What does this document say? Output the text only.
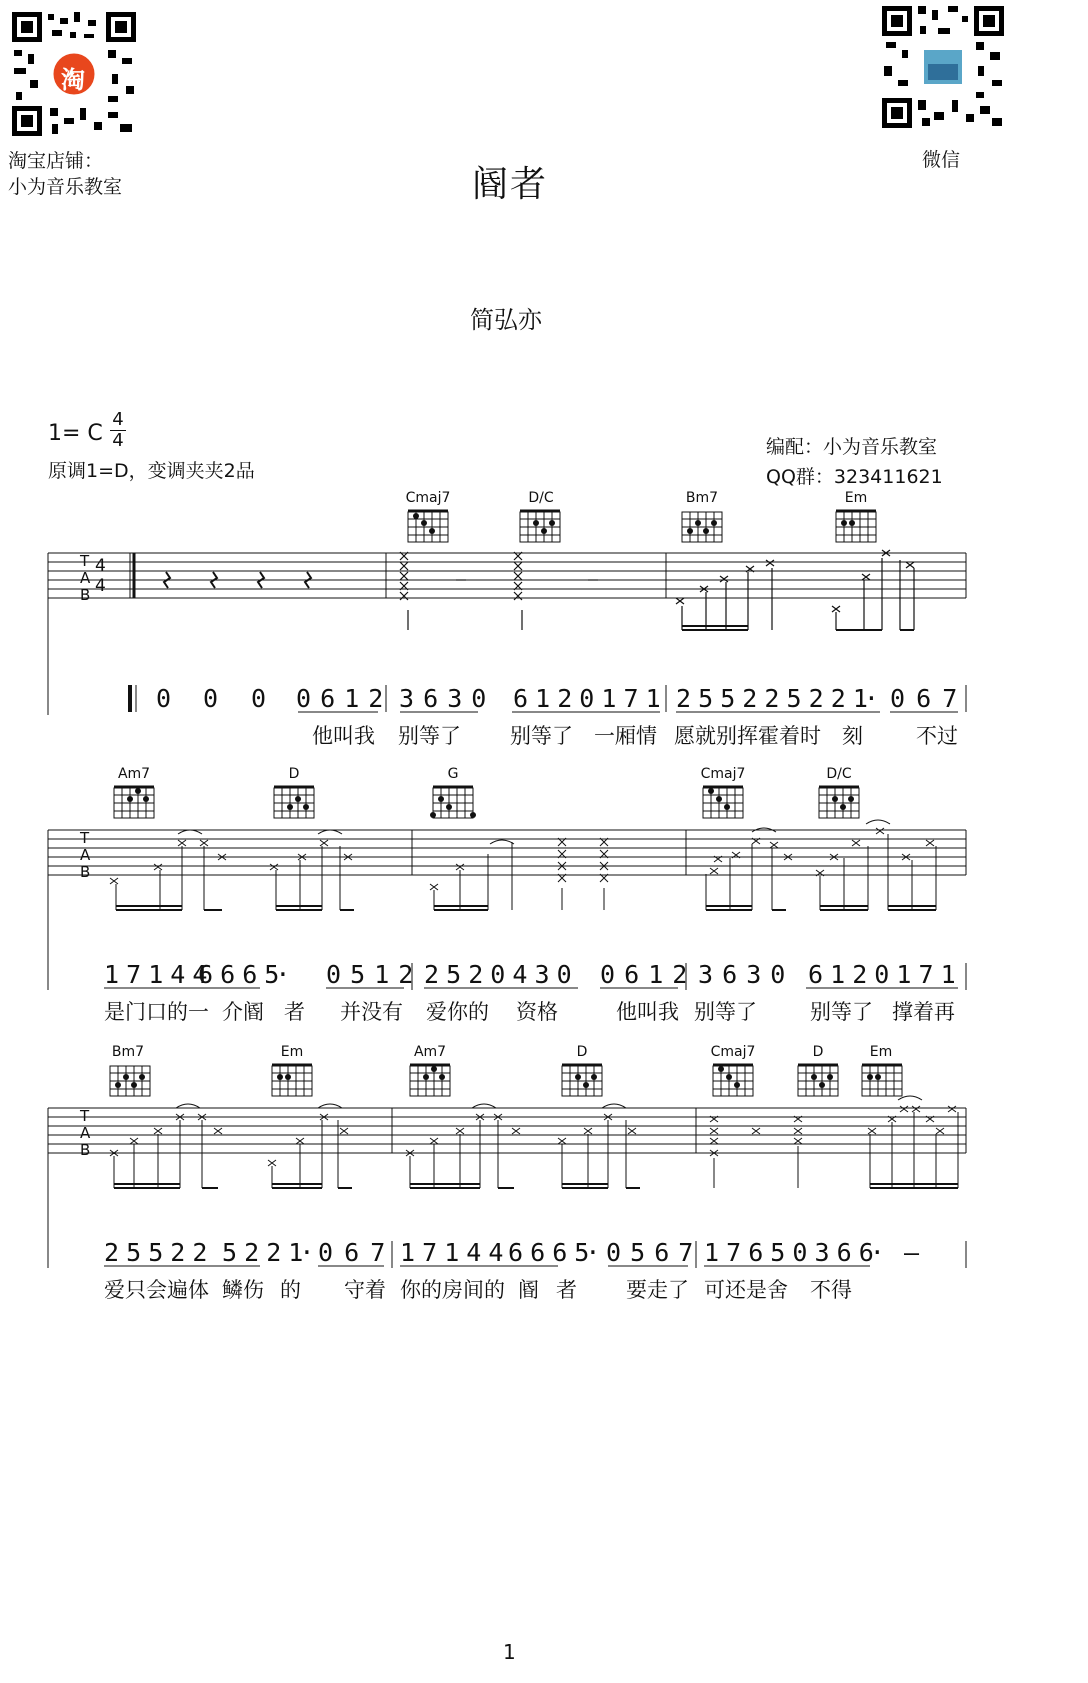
淘
淘宝店铺：
小为音乐教室
微信
阍者
简弘亦
1= C
4
4
原调1=D，变调夹夹2品
编配：小为音乐教室
QQ群：323411621
Cmaj7	D/C	Bm7	Em
T
A
B
4
4
0 0 0 0 6 1 2 3 6 3 0 6 1 2 0 1 7 1 2 5 5 2 2 5 2 2 1· 0 6 7
他叫我 别等了 别等了 一厢情 愿就别挥霍着时 刻	不过
Am7	D	G	Cmaj7	D/C
T
A
B
1 7 1 4 4
6 6 6 5· 0 5 1 2 2 5 2 0 4 3 0 0 6 1 2 3 6 3 0 6 1 2 0 1 7 1
是门口的一 介阍 者 并没有 爱你的 资格	他叫我 别等了	别等了 撑着再
Bm7	Em	Am7	D	Cmaj7	D	Em
T
A
B
2 5 5 2 2 5 2 2 1· 0 6 7 1 7 1 4 4 6 6 6 5· 0 5 6 7 1 7 6 5 0 3 6 6· —
爱只会遍体 鳞伤 的 守着 你的房间的 阍 者 要走了 可还是舍 不得
1
